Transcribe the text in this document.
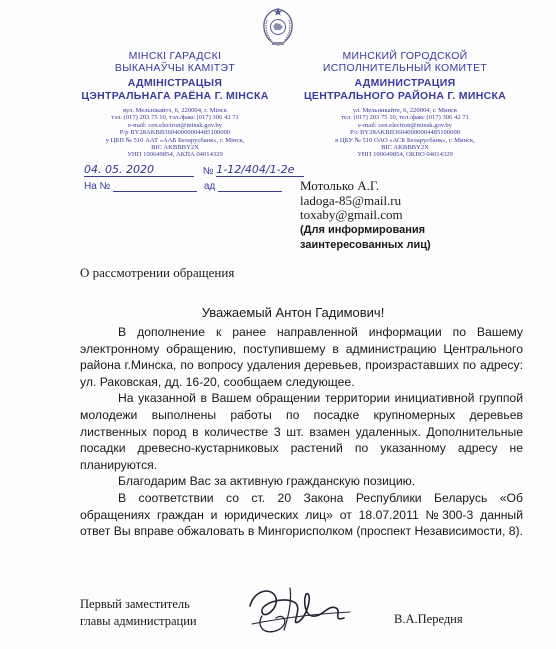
МІНСКІ ГАРАДСКІ
ВЫКАНАЎЧЫ КАМІТЭТ
АДМІНІСТРАЦЫЯ
ЦЭНТРАЛЬНАГА РАЁНА Г. МІНСКА
вул. Мельнікайтэ, 6, 220004, г. Мінск
тэл. (017) 203 75 10, тэл./факс (017) 306 42 71
e-mail: cen.electron@minsk.gov.by
Р/р BY28AKBB36040000004485100000
у ЦБП № 510 ААТ «ААБ Беларусбанк», г. Мінск,
BIC AKBBBY2X
УНП 100649854, АКПА 04014329
МИНСКИЙ ГОРОДСКОЙ
ИСПОЛНИТЕЛЬНЫЙ КОМИТЕТ
АДМИНИСТРАЦИЯ
ЦЕНТРАЛЬНОГО РАЙОНА Г. МИНСКА
ул. Мельникайте, 6, 220004, г. Минск
тел. (017) 203 75 10, тел./факс (017) 306 42 71
e-mail: cen.electron@minsk.gov.by
Р/с BY28AKBB36040000004485100000
в ЦБУ № 510 ОАО «АСБ Беларусбанк», г. Минск,
BIC AKBBBY2X
УНП 100649854, ОКПО 04014329
04. 05. 2020	№ 1-12/404/1-2е
На №	ад	Мотолько А.Г.
ladoga-85@mail.ru
toxaby@gmail.com
(Для информирования
заинтересованных лиц)
О рассмотрении обращения
Уважаемый Антон Гадимович!

В дополнение к ранее направленной информации по Вашему электронному обращению, поступившему в администрацию Центрального района г.Минска, по вопросу удаления деревьев, произраставших по адресу: ул. Раковская, дд. 16-20, сообщаем следующее.

На указанной в Вашем обращении территории инициативной группой молодежи выполнены работы по посадке крупномерных деревьев лиственных пород в количестве 3 шт. взамен удаленных. Дополнительные посадки древесно-кустарниковых растений по указанному адресу не планируются.

Благодарим Вас за активную гражданскую позицию.

В соответствии со ст. 20 Закона Республики Беларусь «Об обращениях граждан и юридических лиц» от 18.07.2011 №300-3 данный ответ Вы вправе обжаловать в Мингорисполком (проспект Независимости, 8).

Первый заместитель
главы администрации	В.А.Передня
